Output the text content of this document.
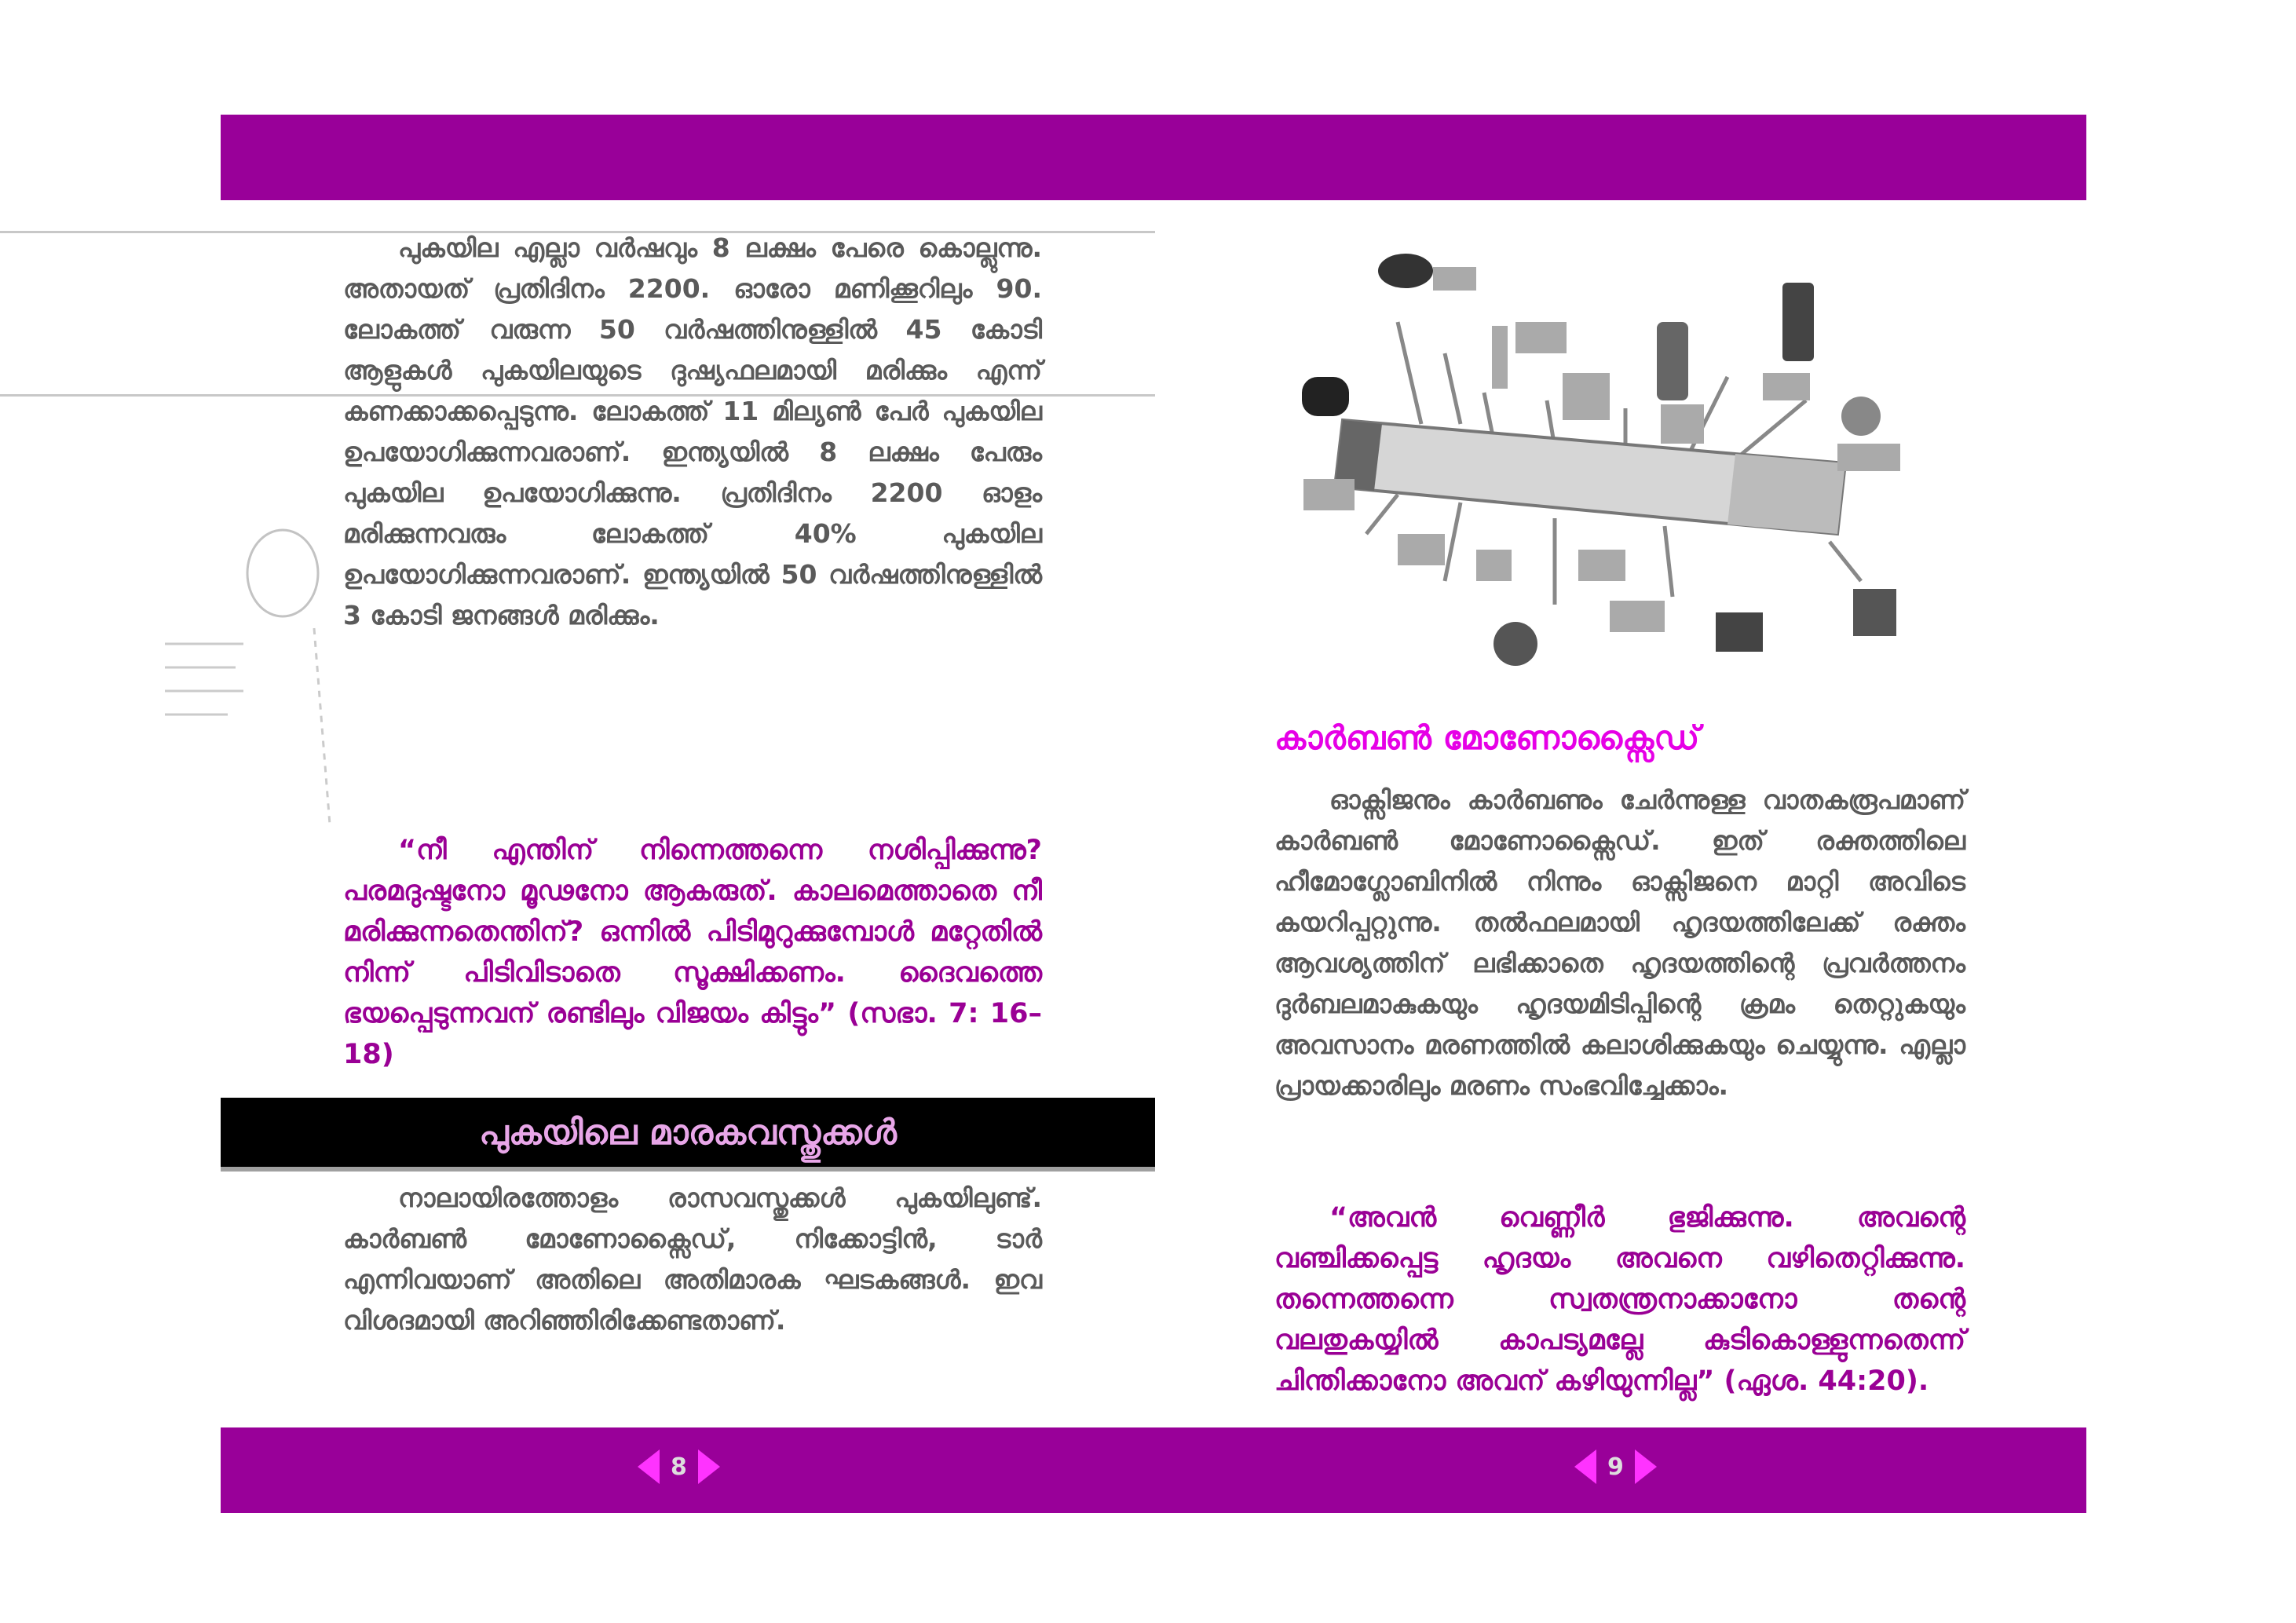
പുകയില എല്ലാ വർഷവും 8 ലക്ഷം പേരെ കൊല്ലുന്നു. അതായത് പ്രതിദിനം 2200. ഓരോ മണിക്കൂറിലും 90. ലോകത്ത് വരുന്ന 50 വർഷത്തിനുള്ളിൽ 45 കോടി ആളുകൾ പുകയിലയുടെ ദുഷ്യഫലമായി മരിക്കും എന്ന് കണക്കാക്കപ്പെടുന്നു. ലോകത്ത് 11 മില്യൺ പേർ പുകയില ഉപയോഗിക്കുന്നവരാണ്. ഇന്ത്യയിൽ 8 ലക്ഷം പേരും പുകയില ഉപയോഗിക്കുന്നു. പ്രതിദിനം 2200 ഓളം മരിക്കുന്നവരും ലോകത്ത് 40% പുകയില ഉപയോഗിക്കുന്നവരാണ്. ഇന്ത്യയിൽ 50 വർഷത്തിനുള്ളിൽ 3 കോടി ജനങ്ങൾ മരിക്കും.

“നീ എന്തിന് നിന്നെത്തന്നെ നശിപ്പിക്കുന്നു? പരമദുഷ്ടനോ മൂഢനോ ആകരുത്. കാലമെത്താതെ നീ മരിക്കുന്നതെന്തിന്? ഒന്നിൽ പിടിമുറുക്കുമ്പോൾ മറ്റേതിൽ നിന്ന് പിടിവിടാതെ സൂക്ഷിക്കണം. ദൈവത്തെ ഭയപ്പെടുന്നവന് രണ്ടിലും വിജയം കിട്ടും” (സഭാ. 7: 16–18)

പുകയിലെ മാരകവസ്തുക്കൾ

നാലായിരത്തോളം രാസവസ്തുക്കൾ പുകയിലുണ്ട്. കാർബൺ മോണോക്സൈഡ്, നിക്കോട്ടിൻ, ടാർ എന്നിവയാണ് അതിലെ അതിമാരക ഘടകങ്ങൾ. ഇവ വിശദമായി അറിഞ്ഞിരിക്കേണ്ടതാണ്.

കാർബൺ മോണോക്സൈഡ്

ഓക്സിജനും കാർബണും ചേർന്നുള്ള വാതകരൂപമാണ് കാർബൺ മോണോക്സൈഡ്. ഇത് രക്തത്തിലെ ഹീമോഗ്ലോബിനിൽ നിന്നും ഓക്സിജനെ മാറ്റി അവിടെ കയറിപ്പറ്റുന്നു. തൽഫലമായി ഹൃദയത്തിലേക്ക് രക്തം ആവശ്യത്തിന് ലഭിക്കാതെ ഹൃദയത്തിന്റെ പ്രവർത്തനം ദുർബലമാകുകയും ഹൃദയമിടിപ്പിന്റെ ക്രമം തെറ്റുകയും അവസാനം മരണത്തിൽ കലാശിക്കുകയും ചെയ്യുന്നു. എല്ലാ പ്രായക്കാരിലും മരണം സംഭവിച്ചേക്കാം.

“അവൻ വെണ്ണീർ ഭുജിക്കുന്നു. അവന്റെ വഞ്ചിക്കപ്പെട്ട ഹൃദയം അവനെ വഴിതെറ്റിക്കുന്നു. തന്നെത്തന്നെ സ്വതന്ത്രനാക്കാനോ തന്റെ വലതുകയ്യിൽ കാപട്യമല്ലേ കുടികൊള്ളുന്നതെന്ന് ചിന്തിക്കാനോ അവന് കഴിയുന്നില്ല” (ഏശ. 44:20).

8	9
